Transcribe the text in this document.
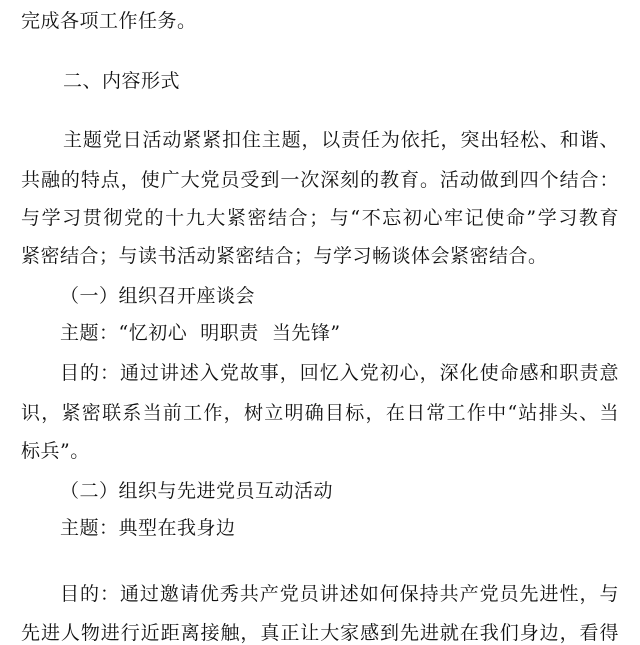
完成各项工作任务。
二、内容形式
主题党日活动紧紧扣住主题，以责任为依托，突出轻松、和谐、
共融的特点，使广大党员受到一次深刻的教育。活动做到四个结合：
与学习贯彻党的十九大紧密结合；与“不忘初心牢记使命”学习教育
紧密结合；与读书活动紧密结合；与学习畅谈体会紧密结合。
（一）组织召开座谈会
主题：“忆初心  明职责  当先锋”
目的：通过讲述入党故事，回忆入党初心，深化使命感和职责意
识，紧密联系当前工作，树立明确目标，在日常工作中“站排头、当
标兵”。
（二）组织与先进党员互动活动
主题：典型在我身边
目的：通过邀请优秀共产党员讲述如何保持共产党员先进性，与
先进人物进行近距离接触，真正让大家感到先进就在我们身边，看得
